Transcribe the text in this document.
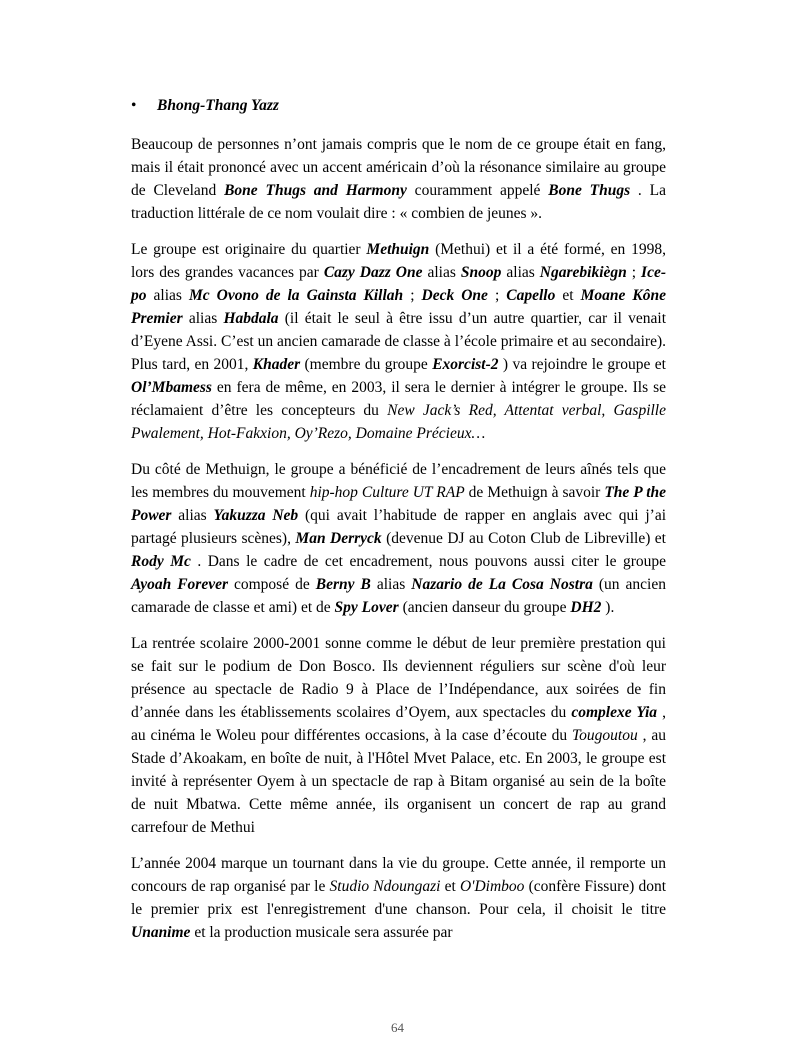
•	Bhong-Thang Yazz

Beaucoup de personnes n’ont jamais compris que le nom de ce groupe était en fang, mais il était prononcé avec un accent américain d’où la résonance similaire au groupe de Cleveland Bone Thugs and Harmony couramment appelé Bone Thugs . La traduction littérale de ce nom voulait dire : « combien de jeunes ».

Le groupe est originaire du quartier Methuign (Methui) et il a été formé, en 1998, lors des grandes vacances par Cazy Dazz One alias Snoop alias Ngarebikiègn ; Ice-po alias Mc Ovono de la Gainsta Killah ; Deck One ; Capello et Moane Kône Premier alias Habdala (il était le seul à être issu d’un autre quartier, car il venait d’Eyene Assi. C’est un ancien camarade de classe à l’école primaire et au secondaire). Plus tard, en 2001, Khader (membre du groupe Exorcist-2 ) va rejoindre le groupe et Ol’Mbamess en fera de même, en 2003, il sera le dernier à intégrer le groupe. Ils se réclamaient d’être les concepteurs du New Jack’s Red, Attentat verbal, Gaspille Pwalement, Hot-Fakxion, Oy’Rezo, Domaine Précieux…

Du côté de Methuign, le groupe a bénéficié de l’encadrement de leurs aînés tels que les membres du mouvement hip-hop Culture UT RAP de Methuign à savoir The P the Power alias Yakuzza Neb (qui avait l’habitude de rapper en anglais avec qui j’ai partagé plusieurs scènes), Man Derryck (devenue DJ au Coton Club de Libreville) et Rody Mc . Dans le cadre de cet encadrement, nous pouvons aussi citer le groupe Ayoah Forever composé de Berny B alias Nazario de La Cosa Nostra (un ancien camarade de classe et ami) et de Spy Lover (ancien danseur du groupe DH2 ).

La rentrée scolaire 2000-2001 sonne comme le début de leur première prestation qui se fait sur le podium de Don Bosco. Ils deviennent réguliers sur scène d'où leur présence au spectacle de Radio 9 à Place de l’Indépendance, aux soirées de fin d’année dans les établissements scolaires d’Oyem, aux spectacles du complexe Yia , au cinéma le Woleu pour différentes occasions, à la case d’écoute du Tougoutou , au Stade d’Akoakam, en boîte de nuit, à l'Hôtel Mvet Palace, etc. En 2003, le groupe est invité à représenter Oyem à un spectacle de rap à Bitam organisé au sein de la boîte de nuit Mbatwa. Cette même année, ils organisent un concert de rap au grand carrefour de Methui

L’année 2004 marque un tournant dans la vie du groupe. Cette année, il remporte un concours de rap organisé par le Studio Ndoungazi et O'Dimboo (confère Fissure) dont le premier prix est l'enregistrement d'une chanson. Pour cela, il choisit le titre Unanime et la production musicale sera assurée par

64
